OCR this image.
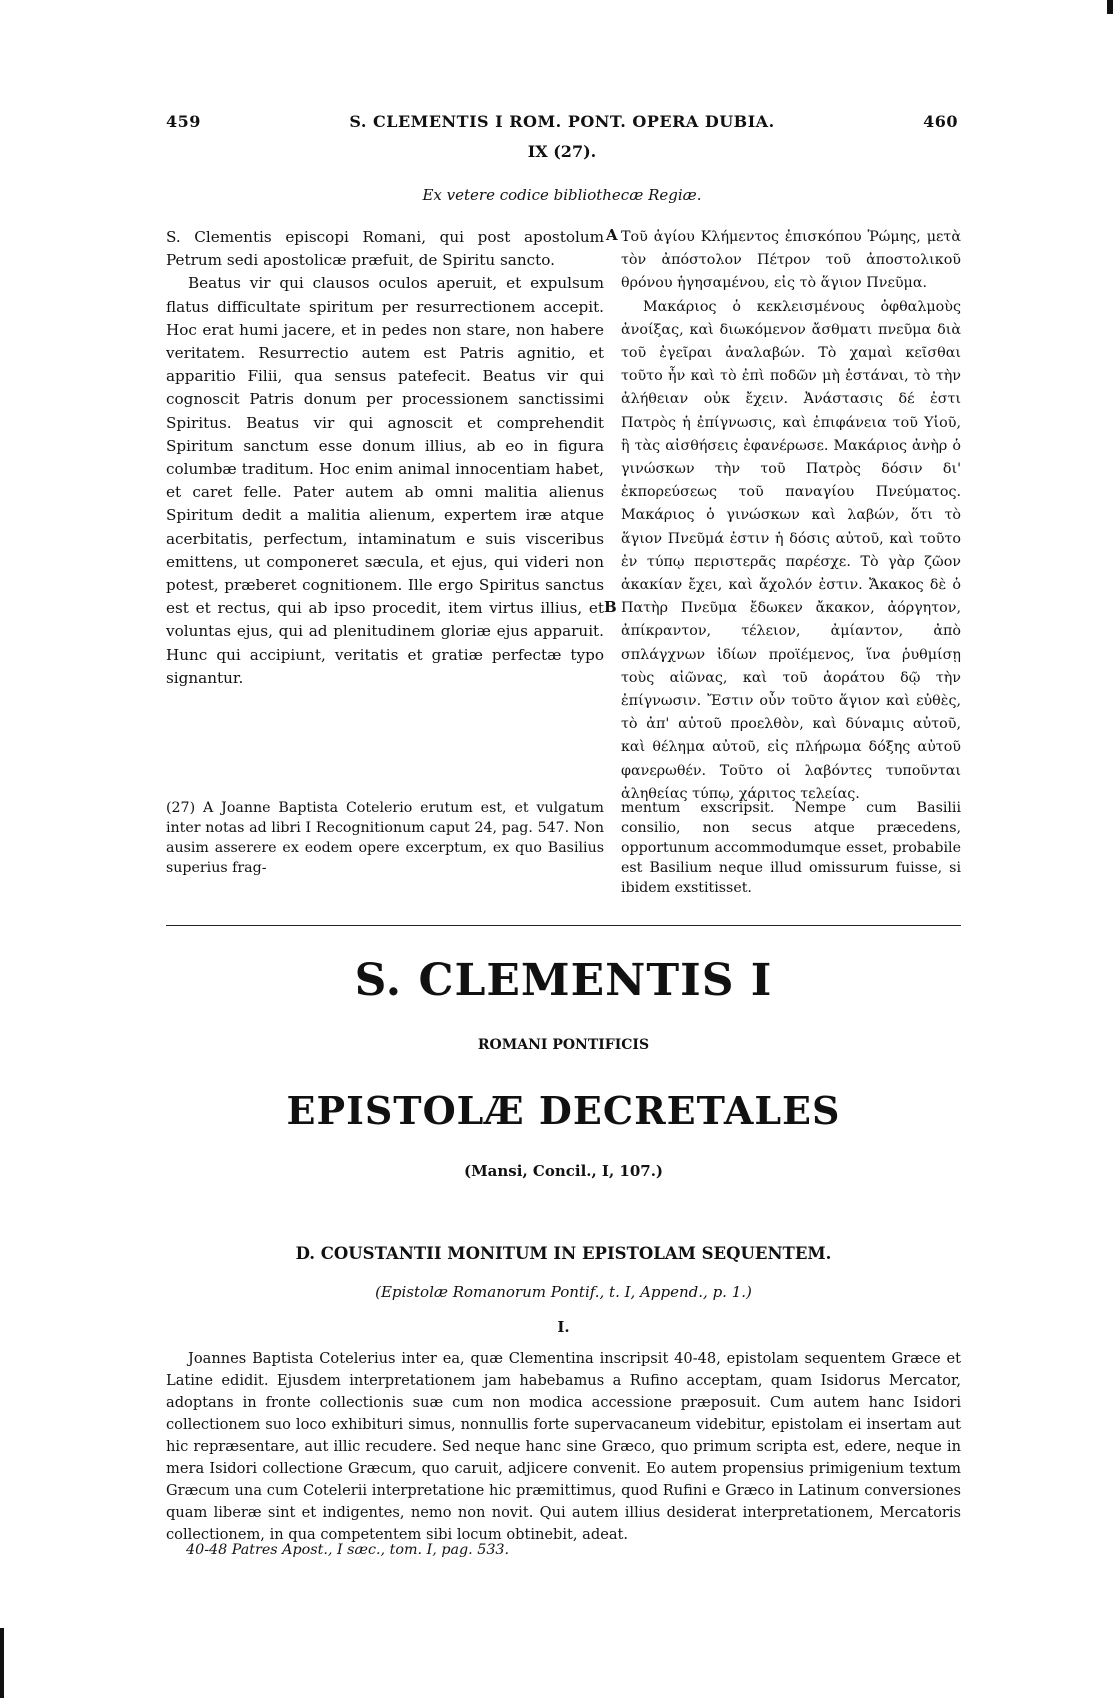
459	S. CLEMENTIS I ROM. PONT. OPERA DUBIA.	460
IX (27).
Ex vetere codice bibliothecæ Regiæ.

S. Clementis episcopi Romani, qui post apostolum Petrum sedi apostolicæ præfuit, de Spiritu sancto.

Beatus vir qui clausos oculos aperuit, et expulsum flatus difficultate spiritum per resurrectionem accepit. Hoc erat humi jacere, et in pedes non stare, non habere veritatem. Resurrectio autem est Patris agnitio, et apparitio Filii, qua sensus patefecit. Beatus vir qui cognoscit Patris donum per processionem sanctissimi Spiritus. Beatus vir qui agnoscit et comprehendit Spiritum sanctum esse donum illius, ab eo in figura columbæ traditum. Hoc enim animal innocentiam habet, et caret felle. Pater autem ab omni malitia alienus Spiritum dedit a malitia alienum, expertem iræ atque acerbitatis, perfectum, intaminatum e suis visceribus emittens, ut componeret sæcula, et ejus, qui videri non potest, præberet cognitionem. Ille ergo Spiritus sanctus est et rectus, qui ab ipso procedit, item virtus illius, et voluntas ejus, qui ad plenitudinem gloriæ ejus apparuit. Hunc qui accipiunt, veritatis et gratiæ perfectæ typo signantur.

A
B

Τοῦ ἁγίου Κλήμεντος ἐπισκόπου Ῥώμης, μετὰ τὸν ἀπόστολον Πέτρον τοῦ ἀποστολικοῦ θρόνου ἡγησαμένου, εἰς τὸ ἅγιον Πνεῦμα.

Μακάριος ὁ κεκλεισμένους ὀφθαλμοὺς ἀνοίξας, καὶ διωκόμενον ἄσθματι πνεῦμα διὰ τοῦ ἐγεῖραι ἀναλαβών. Τὸ χαμαὶ κεῖσθαι τοῦτο ἦν καὶ τὸ ἐπὶ ποδῶν μὴ ἑστάναι, τὸ τὴν ἀλήθειαν οὐκ ἔχειν. Ἀνάστασις δέ ἐστι Πατρὸς ἡ ἐπίγνωσις, καὶ ἐπιφάνεια τοῦ Υἱοῦ, ἣ τὰς αἰσθήσεις ἐφανέρωσε. Μακάριος ἀνὴρ ὁ γινώσκων τὴν τοῦ Πατρὸς δόσιν δι' ἐκπορεύσεως τοῦ παναγίου Πνεύματος. Μακάριος ὁ γινώσκων καὶ λαβών, ὅτι τὸ ἅγιον Πνεῦμά ἐστιν ἡ δόσις αὐτοῦ, καὶ τοῦτο ἐν τύπῳ περιστερᾶς παρέσχε. Τὸ γὰρ ζῶον ἀκακίαν ἔχει, καὶ ἄχολόν ἐστιν. Ἄκακος δὲ ὁ Πατὴρ Πνεῦμα ἔδωκεν ἄκακον, ἀόργητον, ἀπίκραντον, τέλειον, ἀμίαντον, ἀπὸ σπλάγχνων ἰδίων προϊέμενος, ἵνα ῥυθμίσῃ τοὺς αἰῶνας, καὶ τοῦ ἀοράτου δῷ τὴν ἐπίγνωσιν. Ἔστιν οὖν τοῦτο ἅγιον καὶ εὐθὲς, τὸ ἀπ' αὐτοῦ προελθὸν, καὶ δύναμις αὐτοῦ, καὶ θέλημα αὐτοῦ, εἰς πλήρωμα δόξης αὐτοῦ φανερωθέν. Τοῦτο οἱ λαβόντες τυποῦνται ἀληθείας τύπῳ, χάριτος τελείας.

(27) A Joanne Baptista Cotelerio erutum est, et vulgatum inter notas ad libri I Recognitionum caput 24, pag. 547. Non ausim asserere ex eodem opere excerptum, ex quo Basilius superius frag-
mentum exscripsit. Nempe cum Basilii consilio, non secus atque præcedens, opportunum accommodumque esset, probabile est Basilium neque illud omissurum fuisse, si ibidem exstitisset.
S. CLEMENTIS I
ROMANI PONTIFICIS
EPISTOLÆ DECRETALES
(Mansi, Concil., I, 107.)
D. COUSTANTII MONITUM IN EPISTOLAM SEQUENTEM.
(Epistolæ Romanorum Pontif., t. I, Append., p. 1.)
I.

Joannes Baptista Cotelerius inter ea, quæ Clementina inscripsit 40-48, epistolam sequentem Græce et Latine edidit. Ejusdem interpretationem jam habebamus a Rufino acceptam, quam Isidorus Mercator, adoptans in fronte collectionis suæ cum non modica accessione præposuit. Cum autem hanc Isidori collectionem suo loco exhibituri simus, nonnullis forte supervacaneum videbitur, epistolam ei insertam aut hic repræsentare, aut illic recudere. Sed neque hanc sine Græco, quo primum scripta est, edere, neque in mera Isidori collectione Græcum, quo caruit, adjicere convenit. Eo autem propensius primigenium textum Græcum una cum Cotelerii interpretatione hic præmittimus, quod Rufini e Græco in Latinum conversiones quam liberæ sint et indigentes, nemo non novit. Qui autem illius desiderat interpretationem, Mercatoris collectionem, in qua competentem sibi locum obtinebit, adeat.

40-48 Patres Apost., I sæc., tom. I, pag. 533.
